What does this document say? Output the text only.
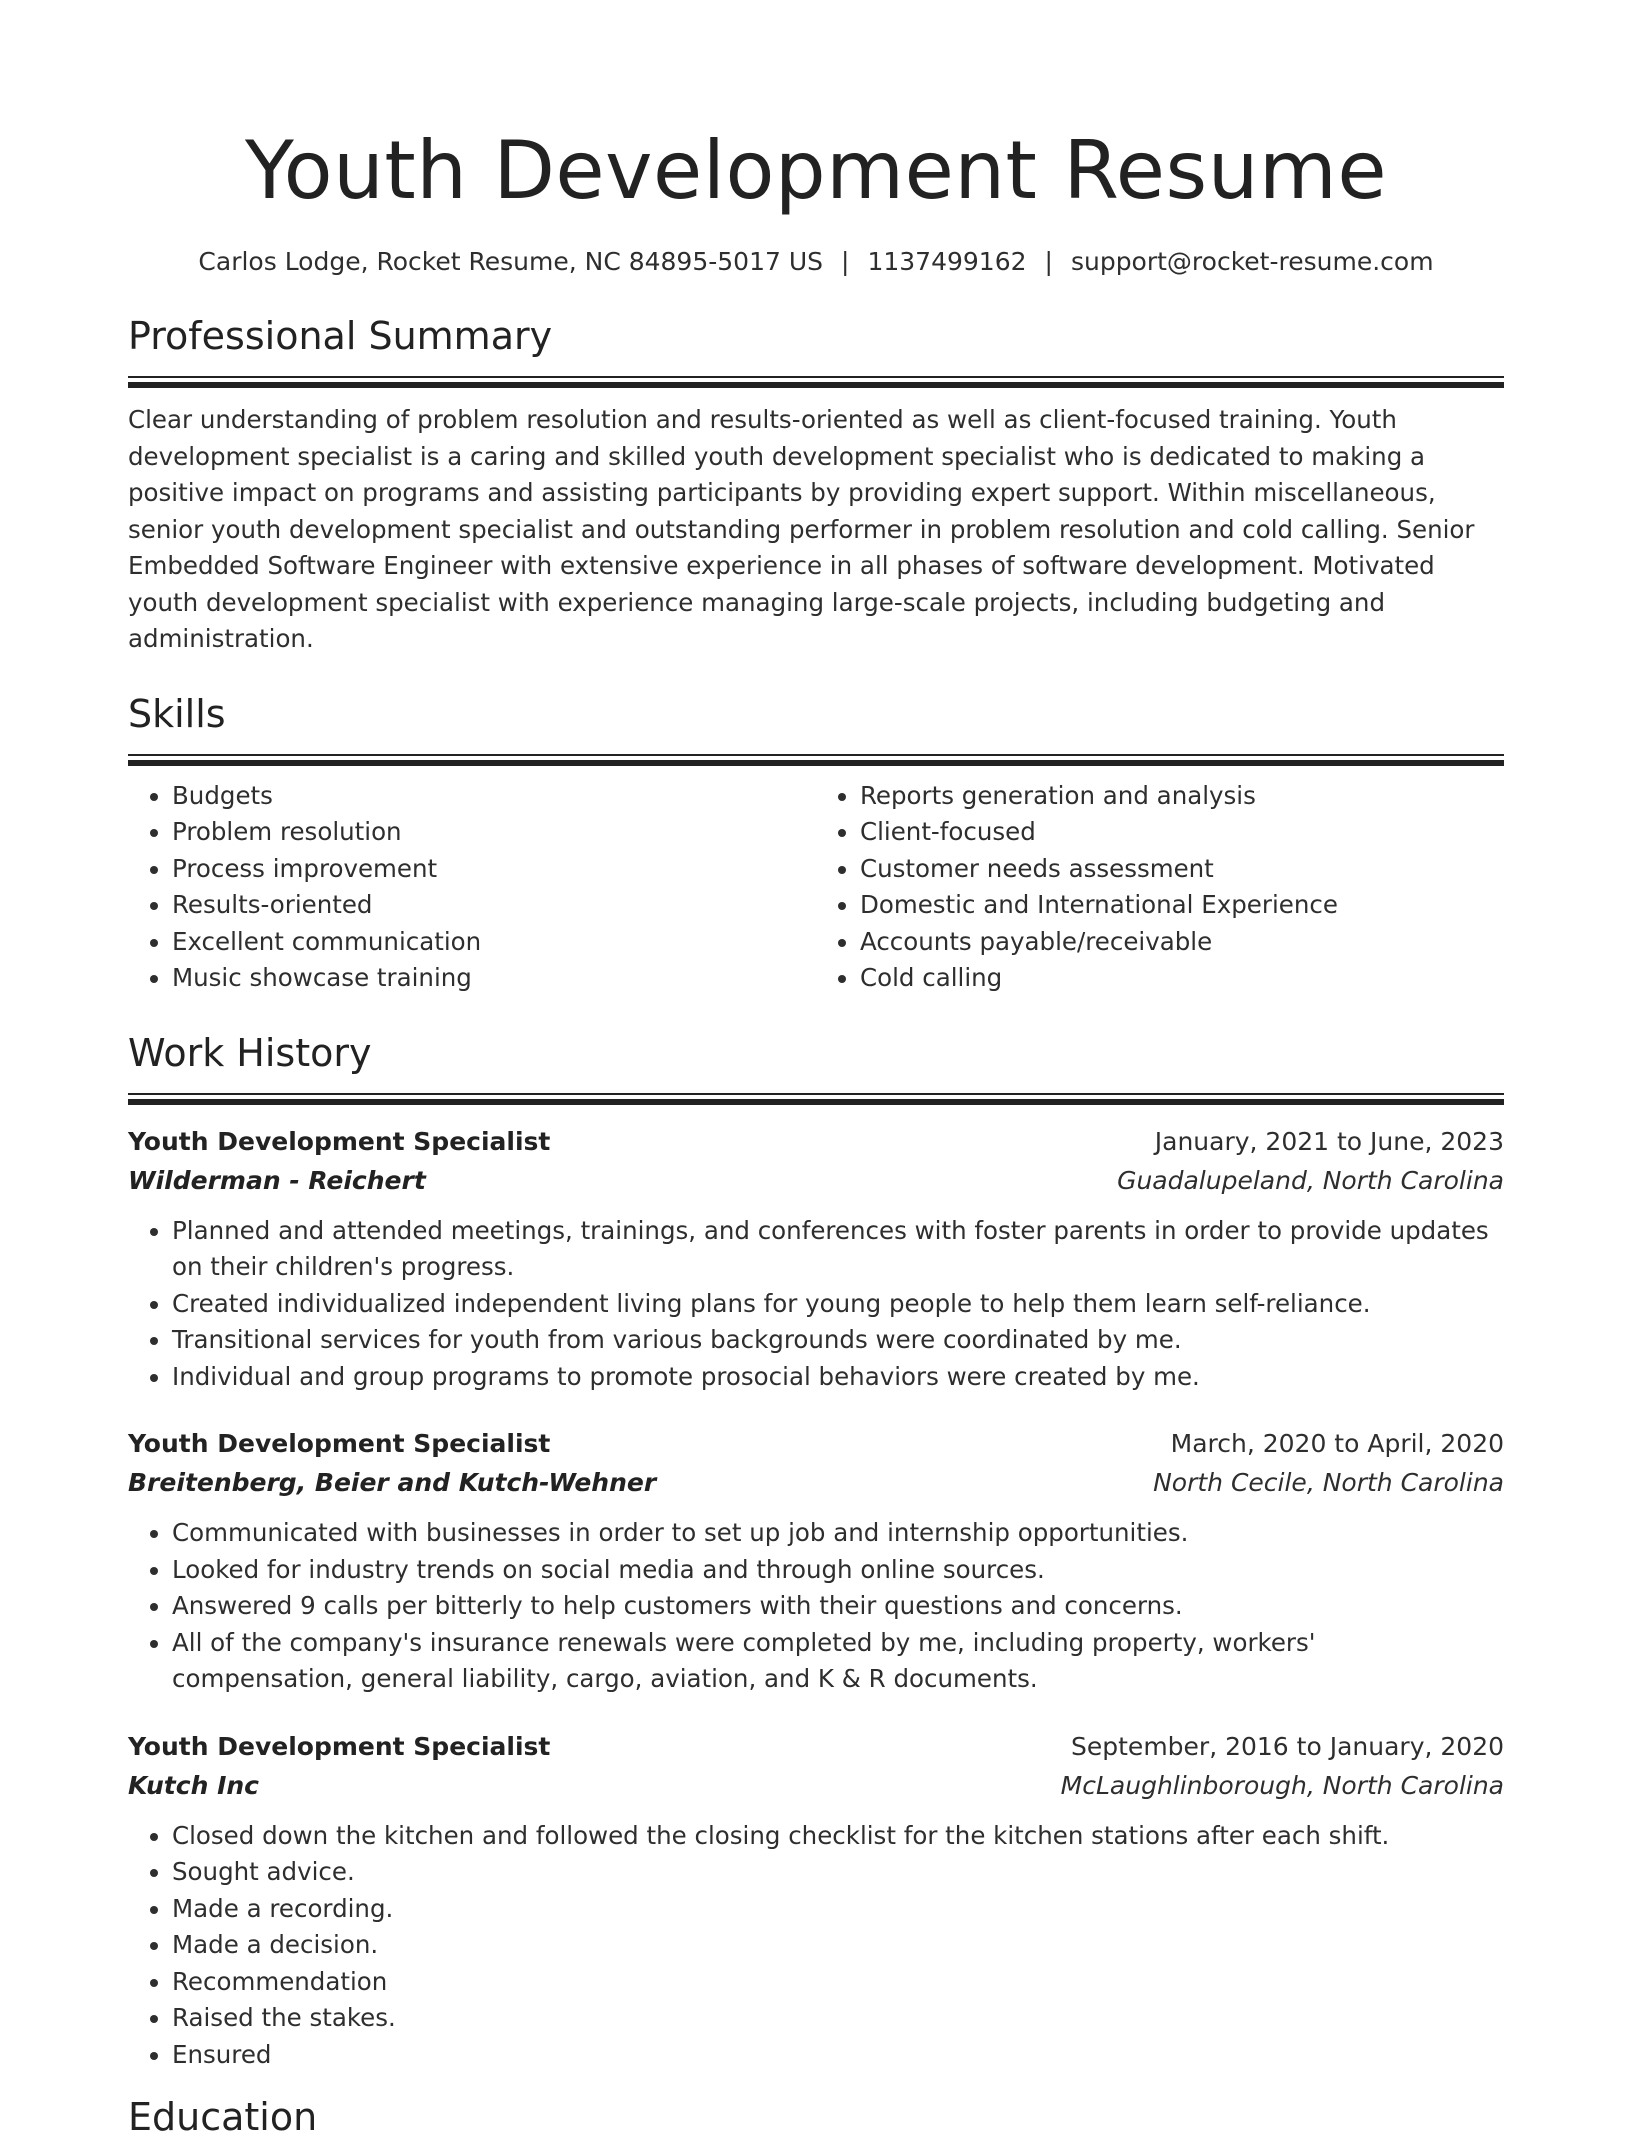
Youth Development Resume
Carlos Lodge, Rocket Resume, NC 84895-5017 US | 1137499162 | support@rocket-resume.com
Professional Summary

Clear understanding of problem resolution and results-oriented as well as client-focused training. Youth development specialist is a caring and skilled youth development specialist who is dedicated to making a positive impact on programs and assisting participants by providing expert support. Within miscellaneous, senior youth development specialist and outstanding performer in problem resolution and cold calling. Senior Embedded Software Engineer with extensive experience in all phases of software development. Motivated youth development specialist with experience managing large-scale projects, including budgeting and administration.

Skills
• Budgets
• Problem resolution
• Process improvement
• Results-oriented
• Excellent communication
• Music showcase training
• Reports generation and analysis
• Client-focused
• Customer needs assessment
• Domestic and International Experience
• Accounts payable/receivable
• Cold calling
Work History
Youth Development Specialist	January, 2021 to June, 2023
Wilderman - Reichert	Guadalupeland, North Carolina
• Planned and attended meetings, trainings, and conferences with foster parents in order to provide updates on their children's progress.
• Created individualized independent living plans for young people to help them learn self-reliance.
• Transitional services for youth from various backgrounds were coordinated by me.
• Individual and group programs to promote prosocial behaviors were created by me.
Youth Development Specialist	March, 2020 to April, 2020
Breitenberg, Beier and Kutch-Wehner	North Cecile, North Carolina
• Communicated with businesses in order to set up job and internship opportunities.
• Looked for industry trends on social media and through online sources.
• Answered 9 calls per bitterly to help customers with their questions and concerns.
• All of the company's insurance renewals were completed by me, including property, workers' compensation, general liability, cargo, aviation, and K & R documents.
Youth Development Specialist	September, 2016 to January, 2020
Kutch Inc	McLaughlinborough, North Carolina
• Closed down the kitchen and followed the closing checklist for the kitchen stations after each shift.
• Sought advice.
• Made a recording.
• Made a decision.
• Recommendation
• Raised the stakes.
• Ensured
Education
